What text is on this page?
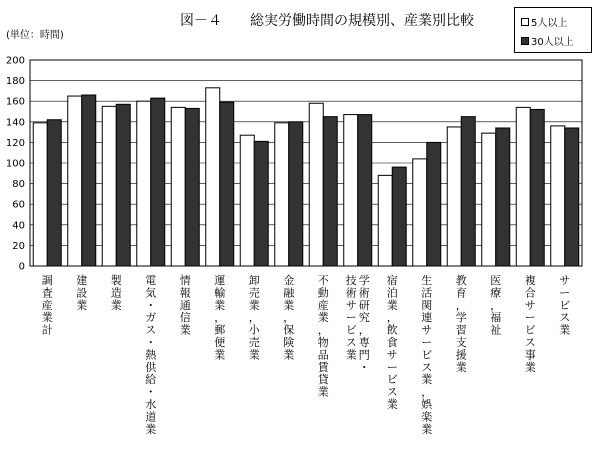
0
20
40
60
80
100
120
140
160
180
200
調
査
産
業
計
建
設
業
製
造
業
電
気
・
ガ
ス
・
熱
供
給
・
水
道
業
情
報
通
信
業
運
輸
業
，
郵
便
業
卸
売
業
，
小
売
業
金
融
業
，
保
険
業
不
動
産
業
，
物
品
賃
貸
業
学
術
研
究
，
専
門
・
技
術
サ
ー
ビ
ス
業
宿
泊
業
，
飲
食
サ
ー
ビ
ス
業
生
活
関
連
サ
ー
ビ
ス
業
，
娯
楽
業
教
育
，
学
習
支
援
業
医
療
，
福
祉
複
合
サ
ー
ビ
ス
事
業
サ
ー
ビ
ス
業
図－４　　総実労働時間の規模別、産業別比較
(単位：時間)
5人以上
30人以上
